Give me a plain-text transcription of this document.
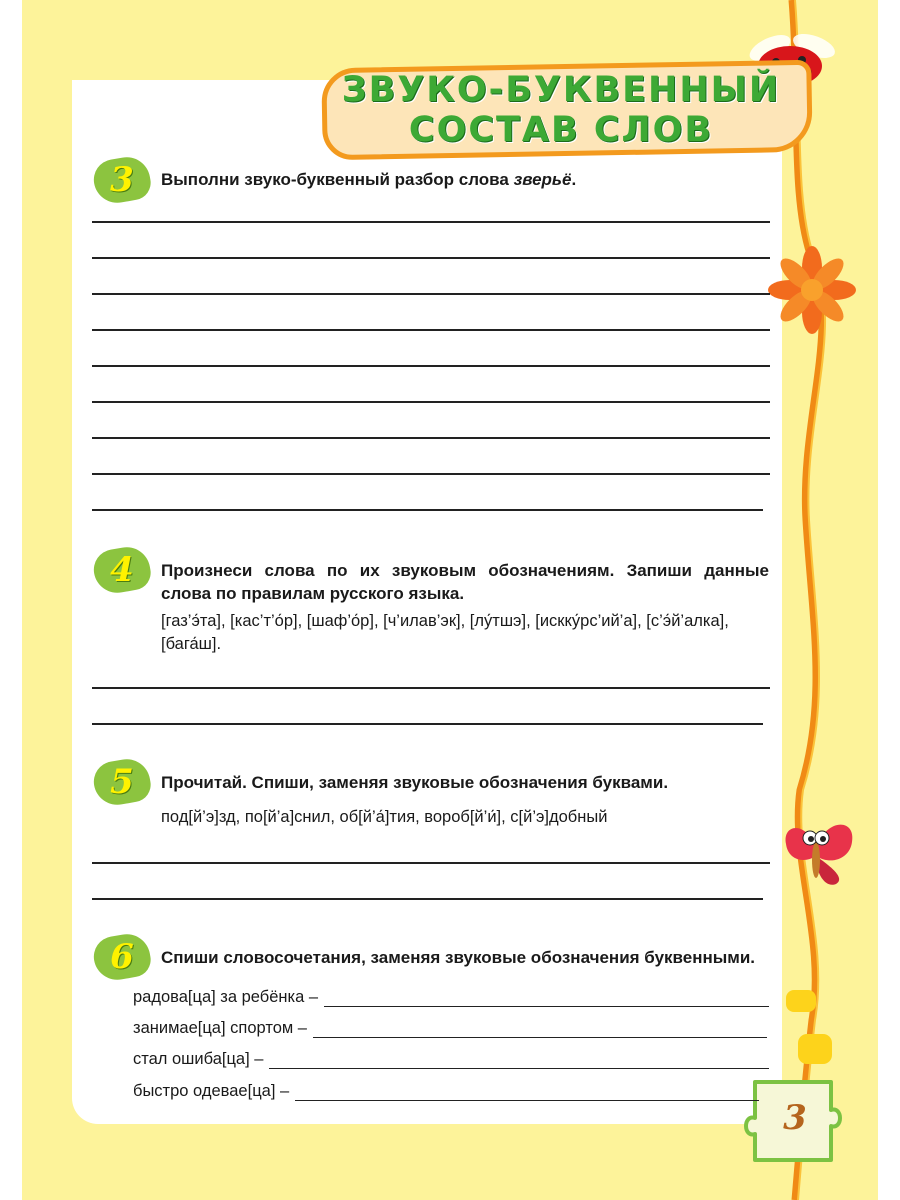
ЗВУКО-БУКВЕННЫЙ
СОСТАВ СЛОВ
3	Выполни звуко-буквенный разбор слова зверьё.
4	Произнеси слова по их звуковым обозначениям. Запиши данные слова по правилам русского языка.
[газ’э́та], [кас’т’о́р], [шаф’о́р], [ч’илав’эк], [лу́тшэ], [искку́рс’ий’а], [с’э́й’алка], [бага́ш].
5	Прочитай. Спиши, заменяя звуковые обозначения буквами.
под[й’э]зд, по[й’а]снил, об[й’а́]тия, вороб[й’и́], с[й’э]добный
6	Спиши словосочетания, заменяя звуковые обозначения буквенными.
радова[ца] за ребёнка –
занимае[ца] спортом –
стал ошиба[ца] –
быстро одевае[ца] –
3
